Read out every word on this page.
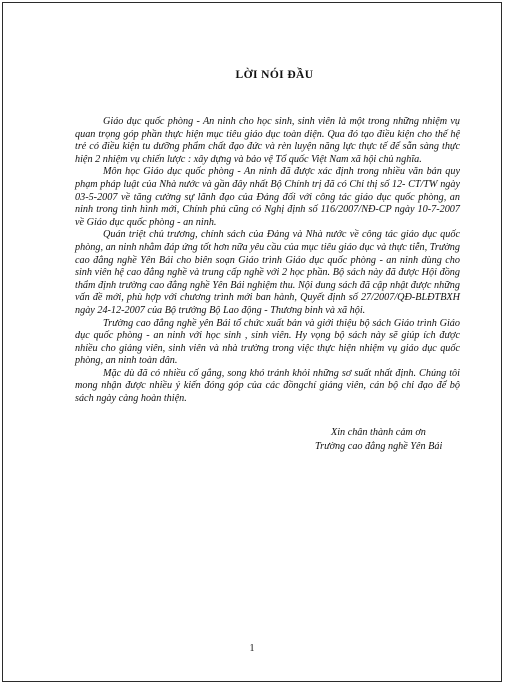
LỜI NÓI ĐẦU

Giáo dục quốc phòng - An ninh cho học sinh, sinh viên là một trong những nhiệm vụ quan trọng góp phần thực hiện mục tiêu giáo dục toàn diện. Qua đó tạo điều kiện cho thế hệ trẻ có điều kiện tu dưỡng phẩm chất đạo đức và rèn luyện năng lực thực tế để sẵn sàng thực hiện 2 nhiệm vụ chiến lược : xây dựng và bảo vệ Tổ quốc Việt Nam xã hội chủ nghĩa.

Môn học Giáo dục quốc phòng - An ninh đã được xác định trong nhiều văn bản quy phạm pháp luật của Nhà nước và gần đây nhất Bộ Chính trị đã có Chỉ thị số 12- CT/TW ngày 03-5-2007 về tăng cường sự lãnh đạo của Đảng đối với công tác giáo dục quốc phòng, an ninh trong tình hình mới, Chính phủ cũng có Nghị định số 116/2007/NĐ-CP ngày 10-7-2007 về Giáo dục quốc phòng - an ninh.

Quán triệt chủ trương, chính sách của Đảng và Nhà nước về công tác giáo dục quốc phòng, an ninh nhằm đáp ứng tốt hơn nữa yêu cầu của mục tiêu giáo dục và thực tiễn, Trường cao đẳng nghề Yên Bái cho biên soạn Giáo trình Giáo dục quốc phòng - an ninh dùng cho sinh viên hệ cao đẳng nghề và trung cấp nghề với 2 học phần. Bộ sách này đã được Hội đồng thẩm định trường cao đẳng nghề Yên Bái nghiệm thu. Nội dung sách đã cập nhật được những vấn đề mới, phù hợp với chương trình mới ban hành, Quyết định số 27/2007/QĐ-BLĐTBXH ngày 24-12-2007 của Bộ trưởng Bộ Lao động - Thương binh và xã hội.

Trường cao đẳng nghề yên Bái tổ chức xuất bản và giới thiệu bộ sách Giáo trình Giáo dục quốc phòng - an ninh với học sinh , sinh viên. Hy vọng bộ sách này sẽ giúp ích được nhiều cho giảng viên, sinh viên và nhà trường trong việc thực hiện nhiệm vụ giáo dục quốc phòng, an ninh toàn dân.

Mặc dù đã có nhiều cố gắng, song khó tránh khỏi những sơ suất nhất định. Chúng tôi mong nhận được nhiều ý kiến đóng góp của các đồngchí giảng viên, cán bộ chỉ đạo để bộ sách ngày càng hoàn thiện.

Xin chân thành cảm ơn
Trường cao đẳng nghề Yên Bái
1
